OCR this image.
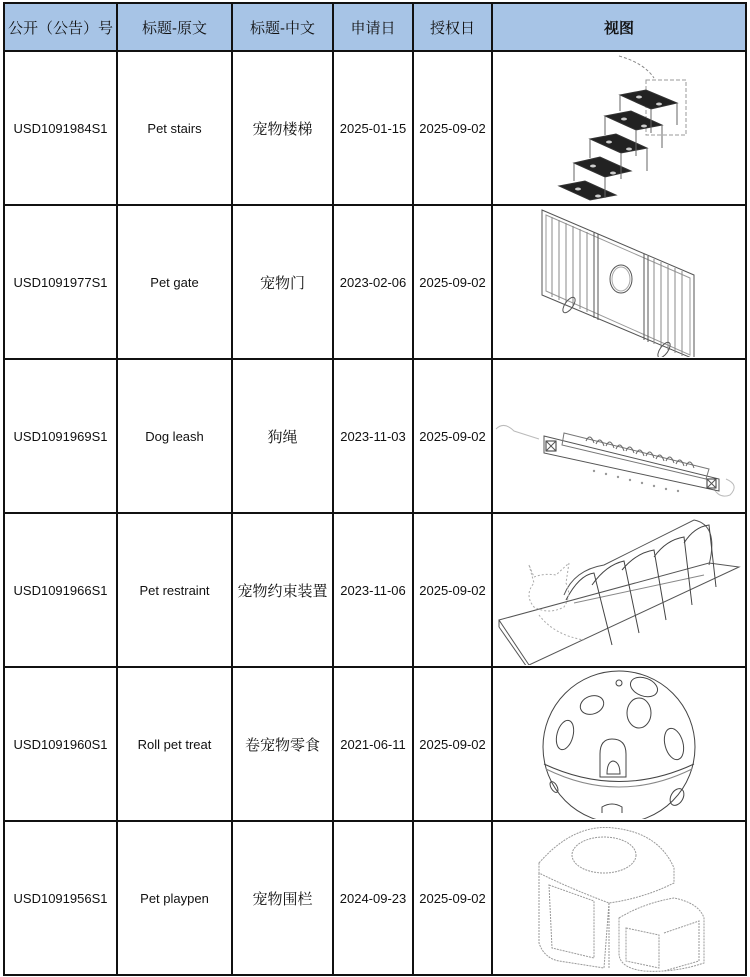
公开（公告）号	标题-原文	标题-中文	申请日	授权日	视图
USD1091984S1	Pet stairs	宠物楼梯	2025-01-15	2025-09-02	

USD1091977S1	Pet gate	宠物门	2023-02-06	2025-09-02	

USD1091969S1	Dog leash	狗绳	2023-11-03	2025-09-02	

USD1091966S1	Pet restraint	宠物约束装置	2023-11-06	2025-09-02	

USD1091960S1	Roll pet treat	卷宠物零食	2021-06-11	2025-09-02	

USD1091956S1	Pet playpen	宠物围栏	2024-09-23	2025-09-02	
